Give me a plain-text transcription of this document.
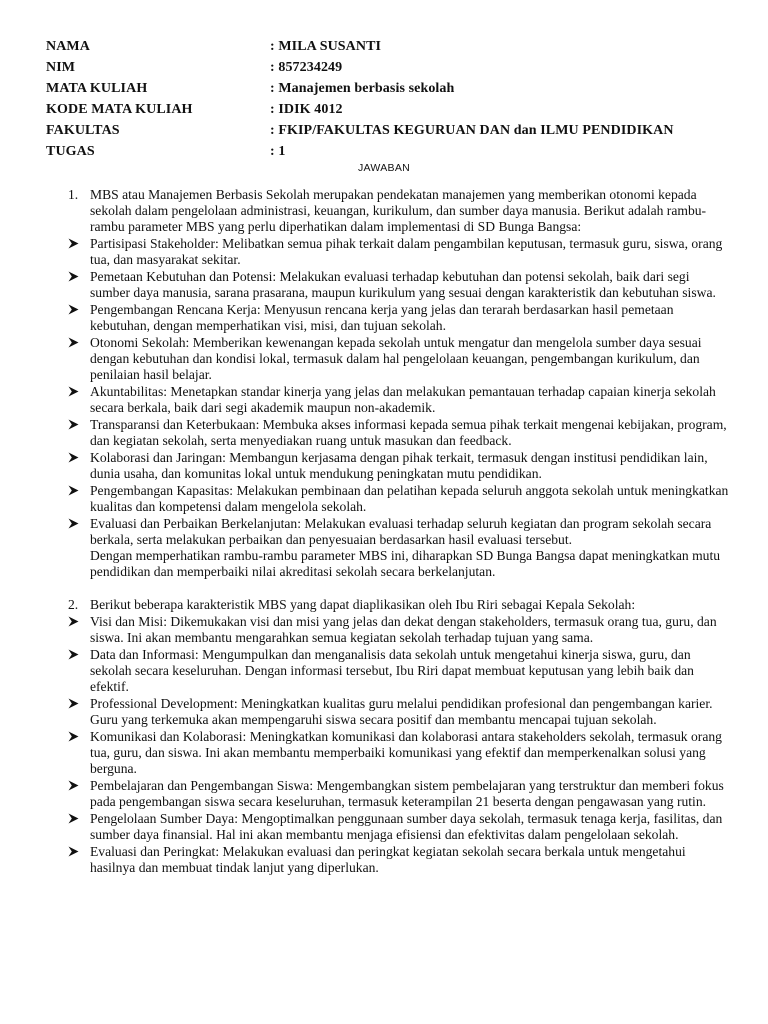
NAMA	: MILA SUSANTI
NIM	: 857234249
MATA KULIAH	: Manajemen berbasis sekolah
KODE MATA KULIAH	: IDIK 4012
FAKULTAS	: FKIP/FAKULTAS KEGURUAN DAN dan ILMU PENDIDIKAN
TUGAS	: 1
JAWABAN
1. MBS atau Manajemen Berbasis Sekolah merupakan pendekatan manajemen yang memberikan otonomi kepada sekolah dalam pengelolaan administrasi, keuangan, kurikulum, dan sumber daya manusia. Berikut adalah rambu-rambu parameter MBS yang perlu diperhatikan dalam implementasi di SD Bunga Bangsa:

Partisipasi Stakeholder: Melibatkan semua pihak terkait dalam pengambilan keputusan, termasuk guru, siswa, orang tua, dan masyarakat sekitar.

Pemetaan Kebutuhan dan Potensi: Melakukan evaluasi terhadap kebutuhan dan potensi sekolah, baik dari segi sumber daya manusia, sarana prasarana, maupun kurikulum yang sesuai dengan karakteristik dan kebutuhan siswa.

Pengembangan Rencana Kerja: Menyusun rencana kerja yang jelas dan terarah berdasarkan hasil pemetaan kebutuhan, dengan memperhatikan visi, misi, dan tujuan sekolah.

Otonomi Sekolah: Memberikan kewenangan kepada sekolah untuk mengatur dan mengelola sumber daya sesuai dengan kebutuhan dan kondisi lokal, termasuk dalam hal pengelolaan keuangan, pengembangan kurikulum, dan penilaian hasil belajar.

Akuntabilitas: Menetapkan standar kinerja yang jelas dan melakukan pemantauan terhadap capaian kinerja sekolah secara berkala, baik dari segi akademik maupun non-akademik.

Transparansi dan Keterbukaan: Membuka akses informasi kepada semua pihak terkait mengenai kebijakan, program, dan kegiatan sekolah, serta menyediakan ruang untuk masukan dan feedback.

Kolaborasi dan Jaringan: Membangun kerjasama dengan pihak terkait, termasuk dengan institusi pendidikan lain, dunia usaha, dan komunitas lokal untuk mendukung peningkatan mutu pendidikan.

Pengembangan Kapasitas: Melakukan pembinaan dan pelatihan kepada seluruh anggota sekolah untuk meningkatkan kualitas dan kompetensi dalam mengelola sekolah.

Evaluasi dan Perbaikan Berkelanjutan: Melakukan evaluasi terhadap seluruh kegiatan dan program sekolah secara berkala, serta melakukan perbaikan dan penyesuaian berdasarkan hasil evaluasi tersebut.

Dengan memperhatikan rambu-rambu parameter MBS ini, diharapkan SD Bunga Bangsa dapat meningkatkan mutu pendidikan dan memperbaiki nilai akreditasi sekolah secara berkelanjutan.

2. Berikut beberapa karakteristik MBS yang dapat diaplikasikan oleh Ibu Riri sebagai Kepala Sekolah:

Visi dan Misi: Dikemukakan visi dan misi yang jelas dan dekat dengan stakeholders, termasuk orang tua, guru, dan siswa. Ini akan membantu mengarahkan semua kegiatan sekolah terhadap tujuan yang sama.

Data dan Informasi: Mengumpulkan dan menganalisis data sekolah untuk mengetahui kinerja siswa, guru, dan sekolah secara keseluruhan. Dengan informasi tersebut, Ibu Riri dapat membuat keputusan yang lebih baik dan efektif.

Professional Development: Meningkatkan kualitas guru melalui pendidikan profesional dan pengembangan karier. Guru yang terkemuka akan mempengaruhi siswa secara positif dan membantu mencapai tujuan sekolah.

Komunikasi dan Kolaborasi: Meningkatkan komunikasi dan kolaborasi antara stakeholders sekolah, termasuk orang tua, guru, dan siswa. Ini akan membantu memperbaiki komunikasi yang efektif dan memperkenalkan solusi yang berguna.

Pembelajaran dan Pengembangan Siswa: Mengembangkan sistem pembelajaran yang terstruktur dan memberi fokus pada pengembangan siswa secara keseluruhan, termasuk keterampilan 21 beserta dengan pengawasan yang rutin.

Pengelolaan Sumber Daya: Mengoptimalkan penggunaan sumber daya sekolah, termasuk tenaga kerja, fasilitas, dan sumber daya finansial. Hal ini akan membantu menjaga efisiensi dan efektivitas dalam pengelolaan sekolah.

Evaluasi dan Peringkat: Melakukan evaluasi dan peringkat kegiatan sekolah secara berkala untuk mengetahui hasilnya dan membuat tindak lanjut yang diperlukan.
